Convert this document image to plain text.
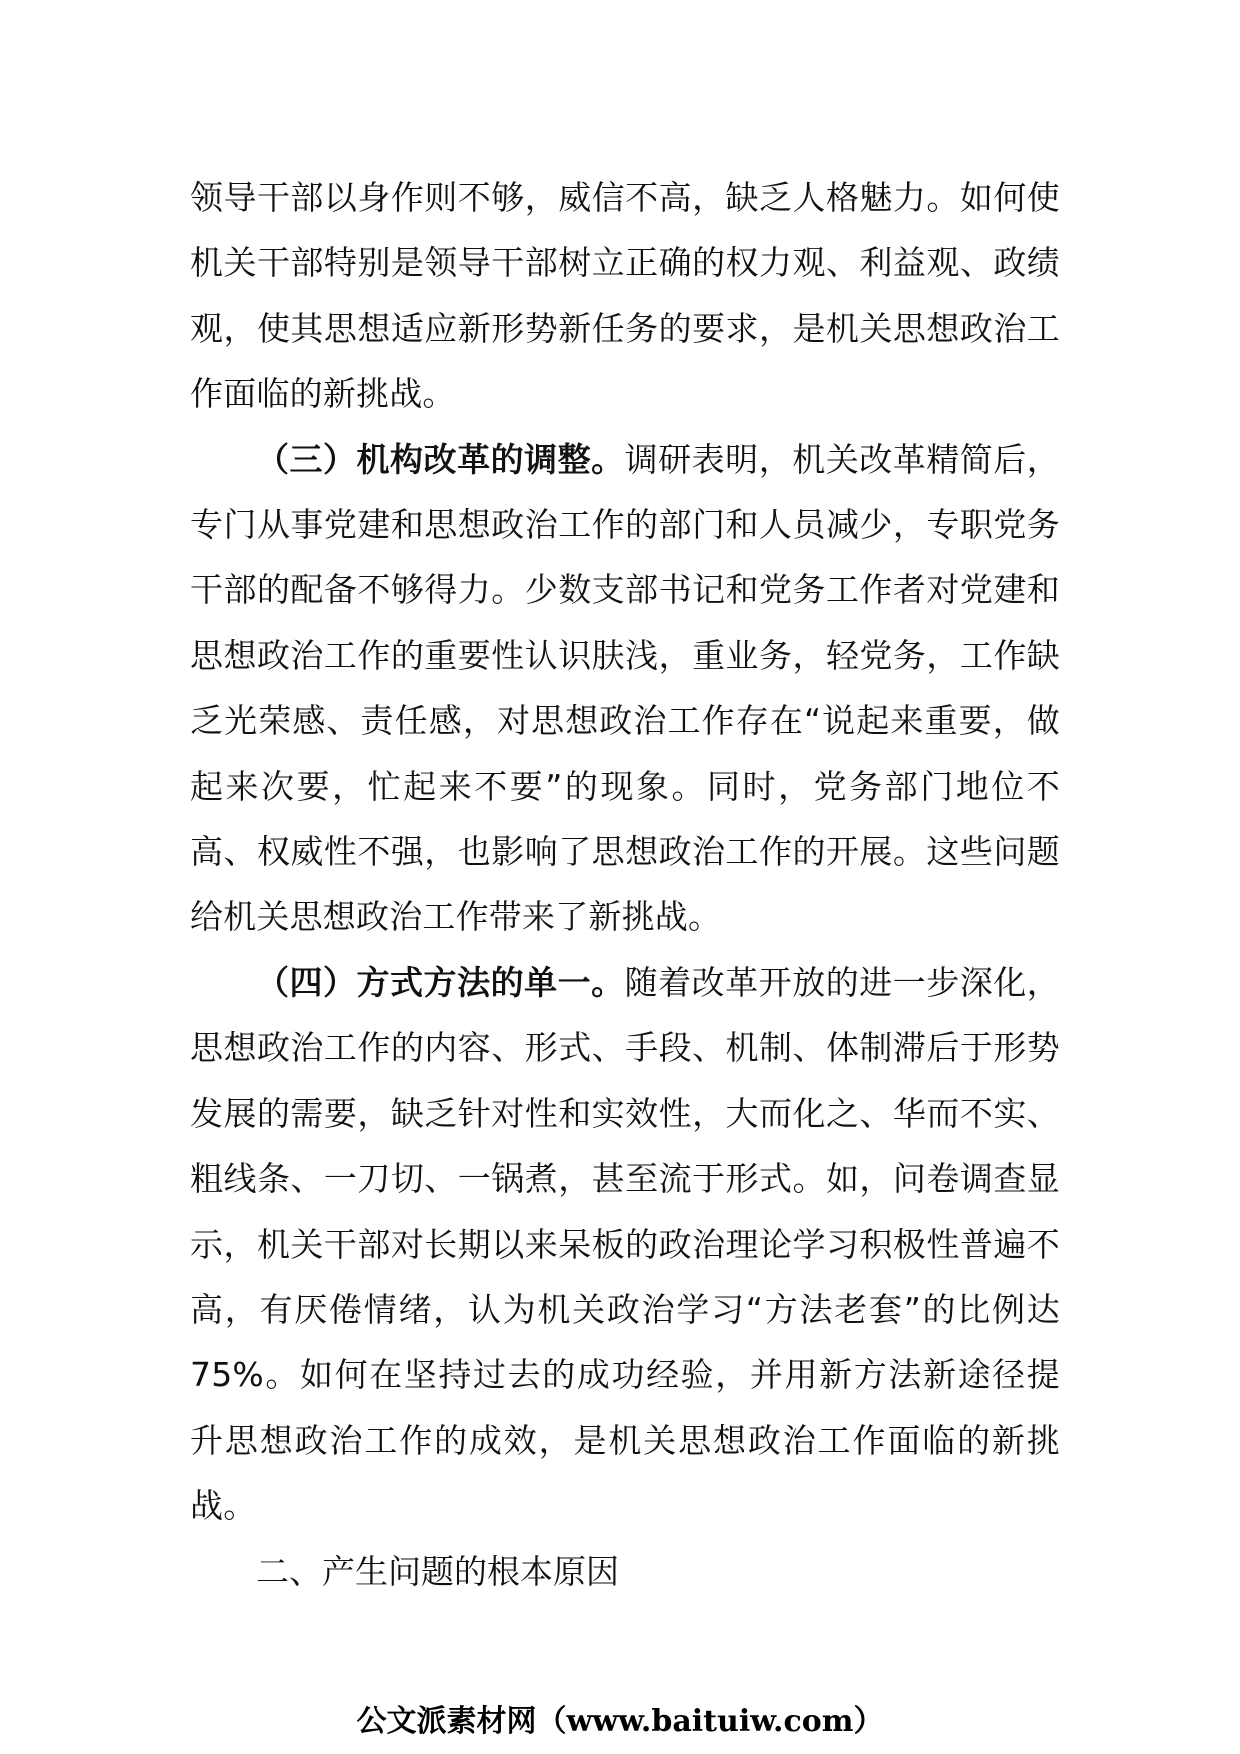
领导干部以身作则不够，威信不高，缺乏人格魅力。如何使机关干部特别是领导干部树立正确的权力观、利益观、政绩观，使其思想适应新形势新任务的要求，是机关思想政治工作面临的新挑战。

（三）机构改革的调整。调研表明，机关改革精简后，专门从事党建和思想政治工作的部门和人员减少，专职党务干部的配备不够得力。少数支部书记和党务工作者对党建和思想政治工作的重要性认识肤浅，重业务，轻党务，工作缺乏光荣感、责任感，对思想政治工作存在“说起来重要，做起来次要，忙起来不要”的现象。同时，党务部门地位不高、权威性不强，也影响了思想政治工作的开展。这些问题给机关思想政治工作带来了新挑战。

（四）方式方法的单一。随着改革开放的进一步深化，思想政治工作的内容、形式、手段、机制、体制滞后于形势发展的需要，缺乏针对性和实效性，大而化之、华而不实、粗线条、一刀切、一锅煮，甚至流于形式。如，问卷调查显示，机关干部对长期以来呆板的政治理论学习积极性普遍不高，有厌倦情绪，认为机关政治学习“方法老套”的比例达 75%。如何在坚持过去的成功经验，并用新方法新途径提升思想政治工作的成效，是机关思想政治工作面临的新挑战。

二、产生问题的根本原因

公文派素材网（www.baituiw.com）
